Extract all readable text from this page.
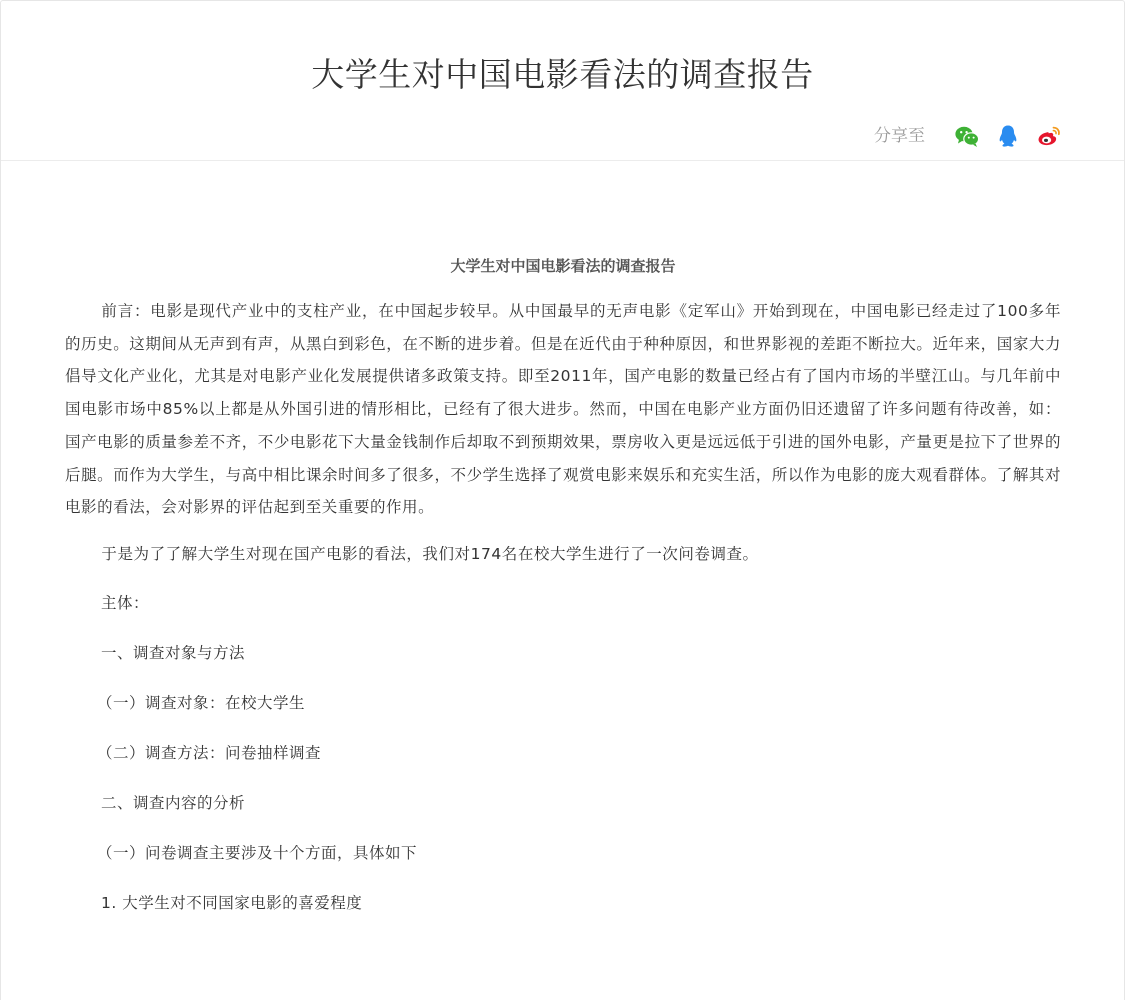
大学生对中国电影看法的调查报告
分享至
大学生对中国电影看法的调查报告

前言：电影是现代产业中的支柱产业，在中国起步较早。从中国最早的无声电影《定军山》开始到现在，中国电影已经走过了100多年的历史。这期间从无声到有声，从黑白到彩色，在不断的进步着。但是在近代由于种种原因，和世界影视的差距不断拉大。近年来，国家大力倡导文化产业化，尤其是对电影产业化发展提供诸多政策支持。即至2011年，国产电影的数量已经占有了国内市场的半壁江山。与几年前中国电影市场中85%以上都是从外国引进的情形相比，已经有了很大进步。然而，中国在电影产业方面仍旧还遗留了许多问题有待改善，如：国产电影的质量参差不齐，不少电影花下大量金钱制作后却取不到预期效果，票房收入更是远远低于引进的国外电影，产量更是拉下了世界的后腿。而作为大学生，与高中相比课余时间多了很多，不少学生选择了观赏电影来娱乐和充实生活，所以作为电影的庞大观看群体。了解其对电影的看法，会对影界的评估起到至关重要的作用。

于是为了了解大学生对现在国产电影的看法，我们对174名在校大学生进行了一次问卷调查。

主体：
一、调查对象与方法
（一）调查对象：在校大学生
（二）调查方法：问卷抽样调查
二、调查内容的分析
（一）问卷调查主要涉及十个方面，具体如下
1. 大学生对不同国家电影的喜爱程度
